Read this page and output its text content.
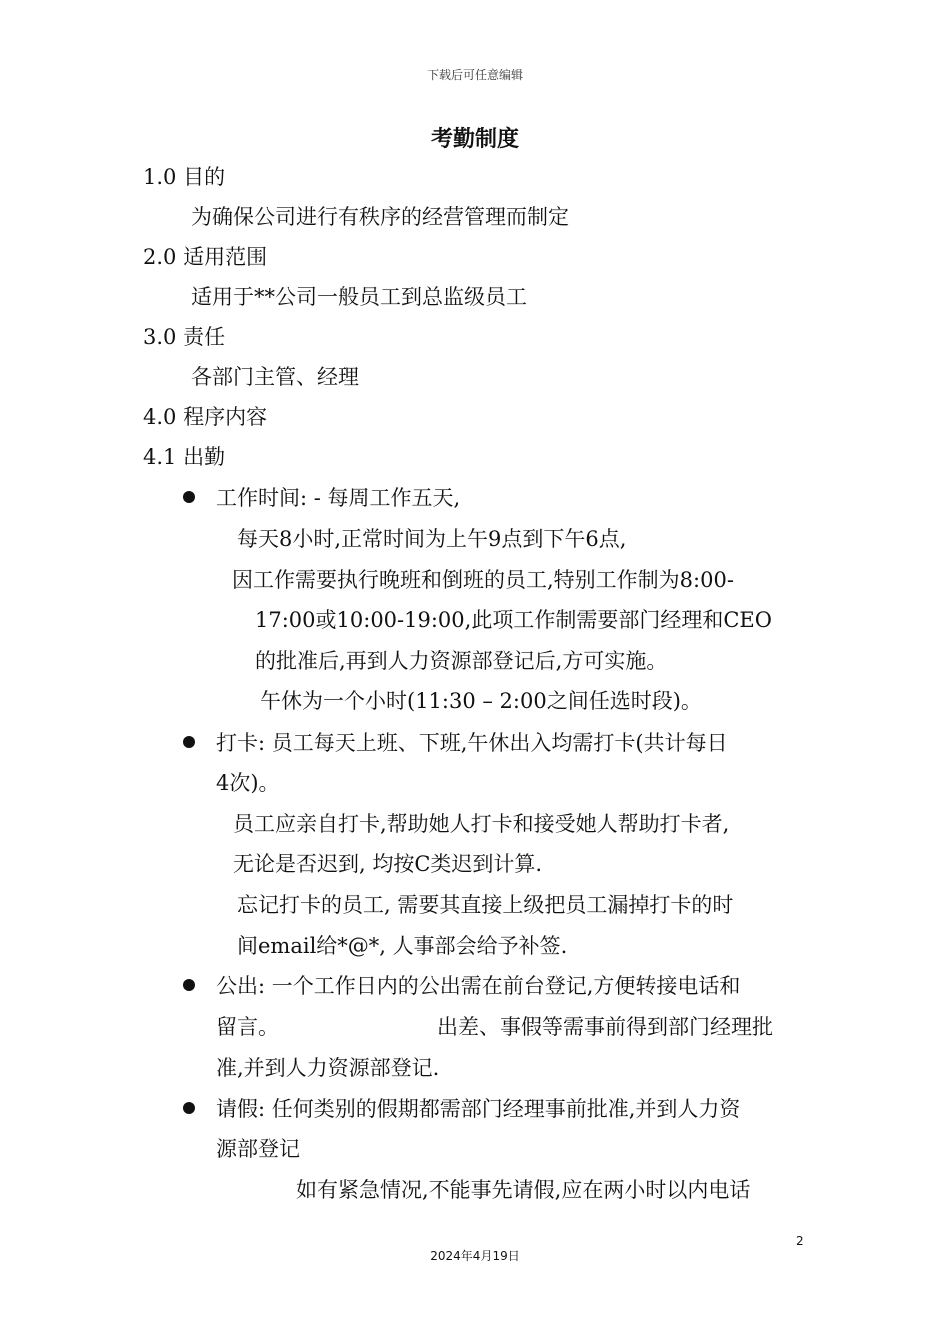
下载后可任意编辑
考勤制度
1.0 目的
为确保公司进行有秩序的经营管理而制定
2.0 适用范围
适用于**公司一般员工到总监级员工
3.0 责任
各部门主管、经理
4.0 程序内容
4.1 出勤
工作时间: - 每周工作五天,
每天8小时,正常时间为上午9点到下午6点,
因工作需要执行晚班和倒班的员工,特别工作制为8:00-
17:00或10:00-19:00,此项工作制需要部门经理和CEO
的批准后,再到人力资源部登记后,方可实施。
午休为一个小时(11:30 – 2:00之间任选时段)。
打卡: 员工每天上班、下班,午休出入均需打卡(共计每日
4次)。
员工应亲自打卡,帮助她人打卡和接受她人帮助打卡者,
无论是否迟到, 均按C类迟到计算.
忘记打卡的员工, 需要其直接上级把员工漏掉打卡的时
间email给*@*, 人事部会给予补签.
公出: 一个工作日内的公出需在前台登记,方便转接电话和
留言。	出差、事假等需事前得到部门经理批
准,并到人力资源部登记.
请假: 任何类别的假期都需部门经理事前批准,并到人力资
源部登记
如有紧急情况,不能事先请假,应在两小时以内电话
2
2024年4月19日
